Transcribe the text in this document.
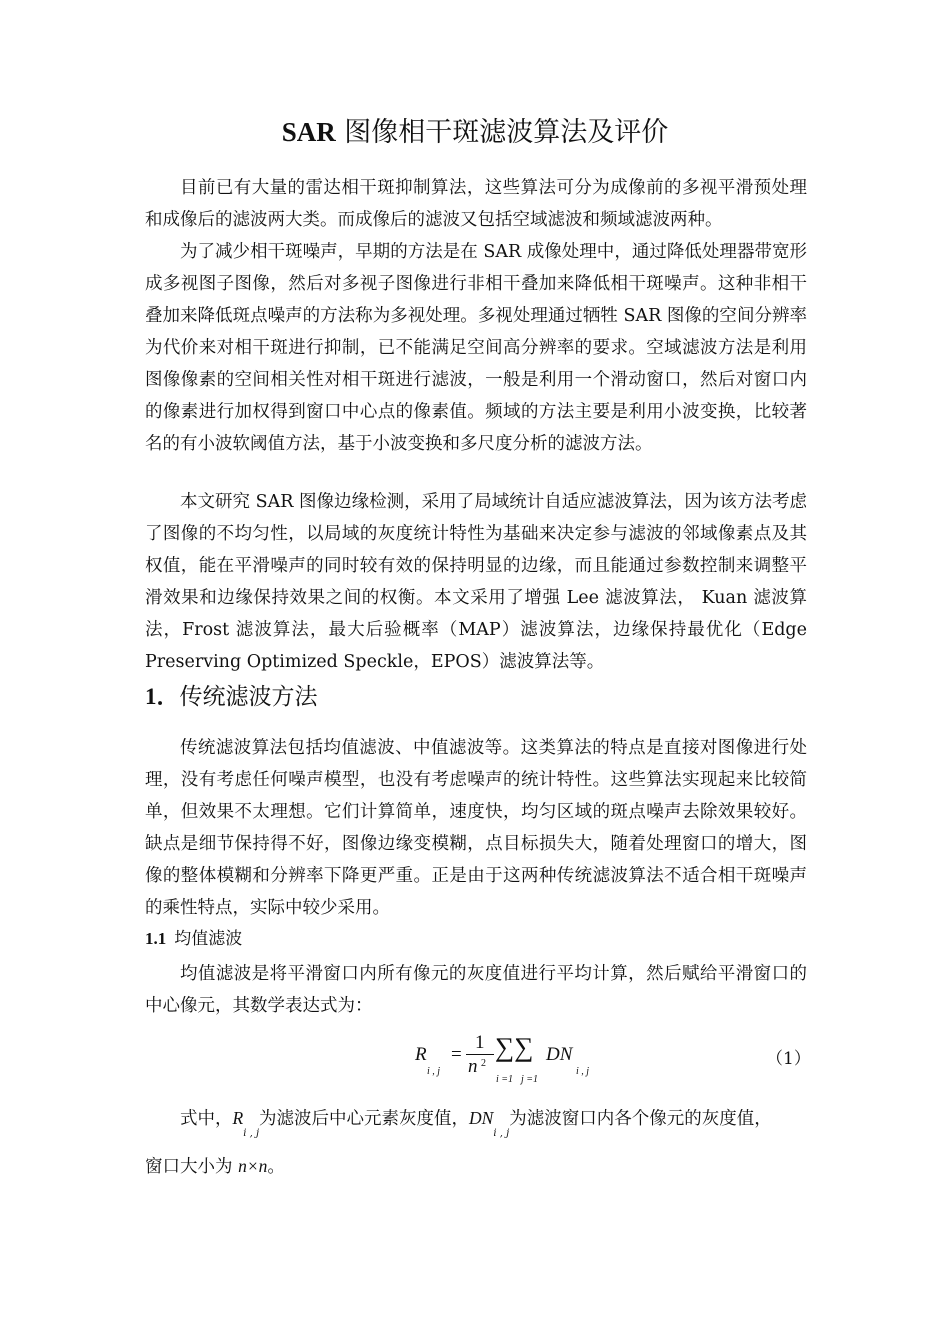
SAR 图像相干斑滤波算法及评价

目前已有大量的雷达相干斑抑制算法，这些算法可分为成像前的多视平滑预处理和成像后的滤波两大类。而成像后的滤波又包括空域滤波和频域滤波两种。

为了减少相干斑噪声，早期的方法是在 SAR 成像处理中，通过降低处理器带宽形成多视图子图像，然后对多视子图像进行非相干叠加来降低相干斑噪声。这种非相干叠加来降低斑点噪声的方法称为多视处理。多视处理通过牺牲 SAR 图像的空间分辨率为代价来对相干斑进行抑制，已不能满足空间高分辨率的要求。空域滤波方法是利用图像像素的空间相关性对相干斑进行滤波，一般是利用一个滑动窗口，然后对窗口内的像素进行加权得到窗口中心点的像素值。频域的方法主要是利用小波变换，比较著名的有小波软阈值方法，基于小波变换和多尺度分析的滤波方法。

本文研究 SAR 图像边缘检测，采用了局域统计自适应滤波算法，因为该方法考虑了图像的不均匀性，以局域的灰度统计特性为基础来决定参与滤波的邻域像素点及其权值，能在平滑噪声的同时较有效的保持明显的边缘，而且能通过参数控制来调整平滑效果和边缘保持效果之间的权衡。本文采用了增强 Lee 滤波算法， Kuan 滤波算法，Frost 滤波算法，最大后验概率（MAP）滤波算法，边缘保持最优化（Edge Preserving Optimized Speckle，EPOS）滤波算法等。

1．传统滤波方法

传统滤波算法包括均值滤波、中值滤波等。这类算法的特点是直接对图像进行处理，没有考虑任何噪声模型，也没有考虑噪声的统计特性。这些算法实现起来比较简单，但效果不太理想。它们计算简单，速度快，均匀区域的斑点噪声去除效果较好。缺点是细节保持得不好，图像边缘变模糊，点目标损失大，随着处理窗口的增大，图像的整体模糊和分辨率下降更严重。正是由于这两种传统滤波算法不适合相干斑噪声的乘性特点，实际中较少采用。

1.1 均值滤波

均值滤波是将平滑窗口内所有像元的灰度值进行平均计算，然后赋给平滑窗口的中心像元，其数学表达式为：

R
i , j
=
1
n 2
∑∑
i =1 j =1
DN
i , j
（1）
式中，$R_{i , j}$为滤波后中心元素灰度值，$DN_{i , j}$为滤波窗口内各个像元的灰度值，
窗口大小为 n×n。
